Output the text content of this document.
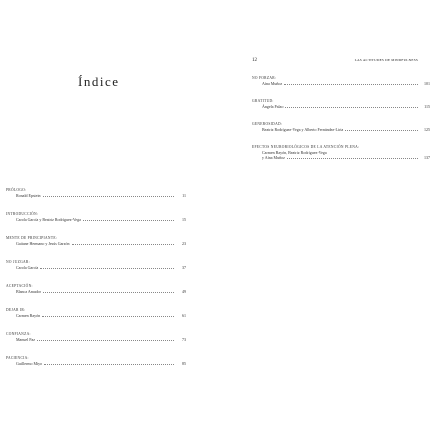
Índice
PRÓLOGO:
Ronald Epstein	11
INTRODUCCIÓN:
Carola García y Beatriz Rodríguez-Vega	15
MENTE DE PRINCIPIANTE:
Gaitane Hermano y Jesús Garzón	23
NO JUZGAR:
Carola García	37
ACEPTACIÓN:
Blanca Amador	49
DEJAR IR:
Carmen Bayón	61
CONFIANZA:
Manuel Paz	73
PACIENCIA:
Guillermo Miyo	85
12	LAS ACTITUDES DE MINDFULNESS
NO FORZAR:
Aína Muñoz	101
GRATITUD:
Ángela Palao	115
GENEROSIDAD:
Beatriz Rodríguez-Vega y Alberto Fernández-Liria	125
EFECTOS NEUROBIOLÓGICOS DE LA ATENCIÓN PLENA:
Carmen Bayón, Beatriz Rodríguez-Vega
y Aína Muñoz	137
